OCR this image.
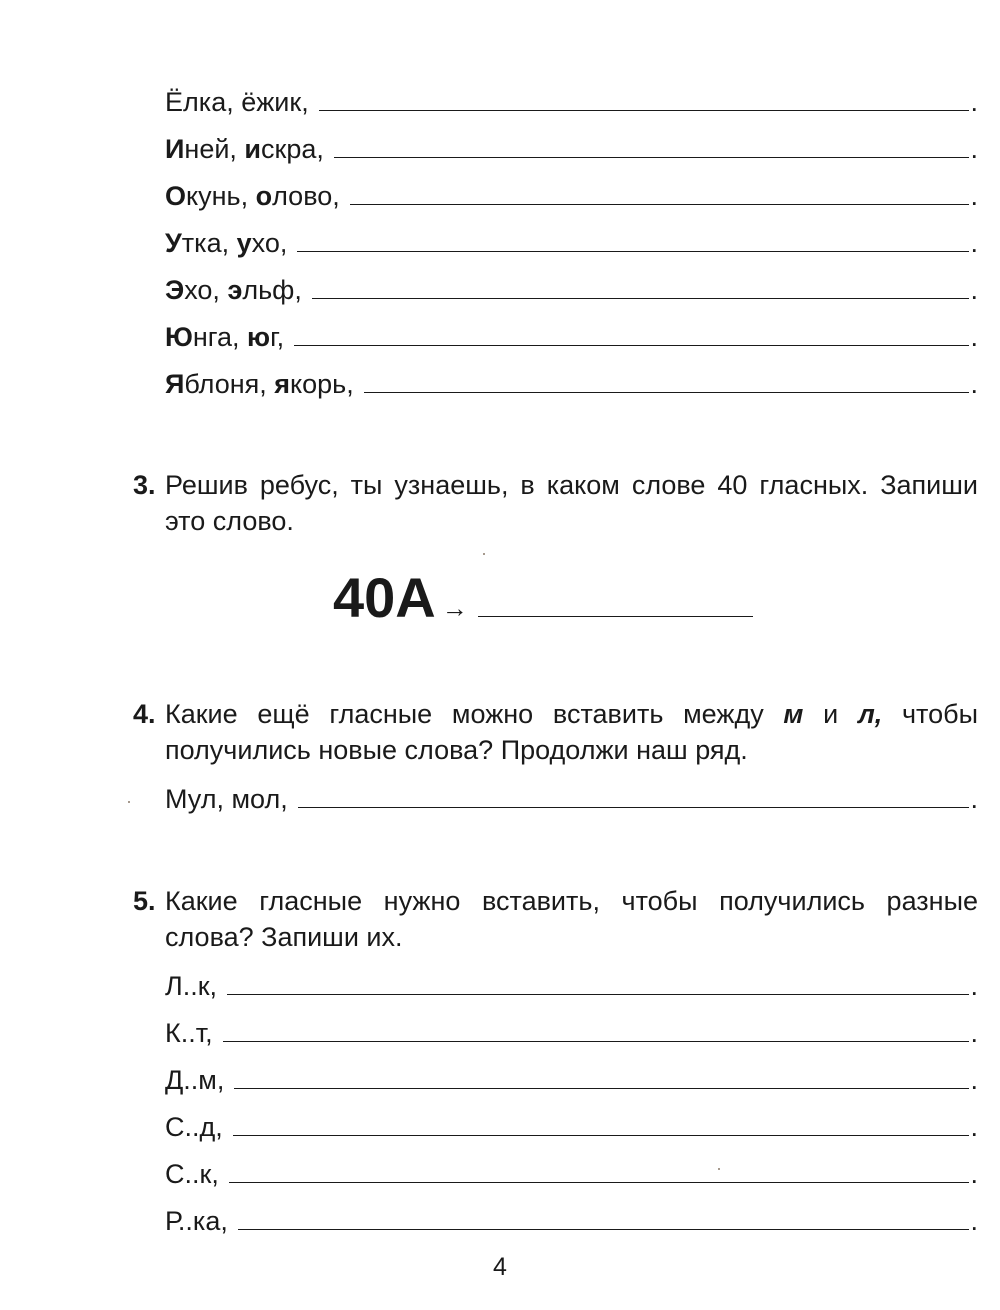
Ёлка, ёжик,	.
Иней, искра,	.
Окунь, олово,	.
Утка, ухо,	.
Эхо, эльф,	.
Юнга, юг,	.
Яблоня, якорь,	.
3. Решив ребус, ты узнаешь, в каком слове 40 гласных. Запиши это слово.
40А →
4. Какие ещё гласные можно вставить между м и л, чтобы получились новые слова? Продолжи наш ряд.
Мул, мол,	.
5. Какие гласные нужно вставить, чтобы получились разные слова? Запиши их.
Л..к,	.
К..т,	.
Д..м,	.
С..д,	.
С..к,	.
Р..ка,	.
4
